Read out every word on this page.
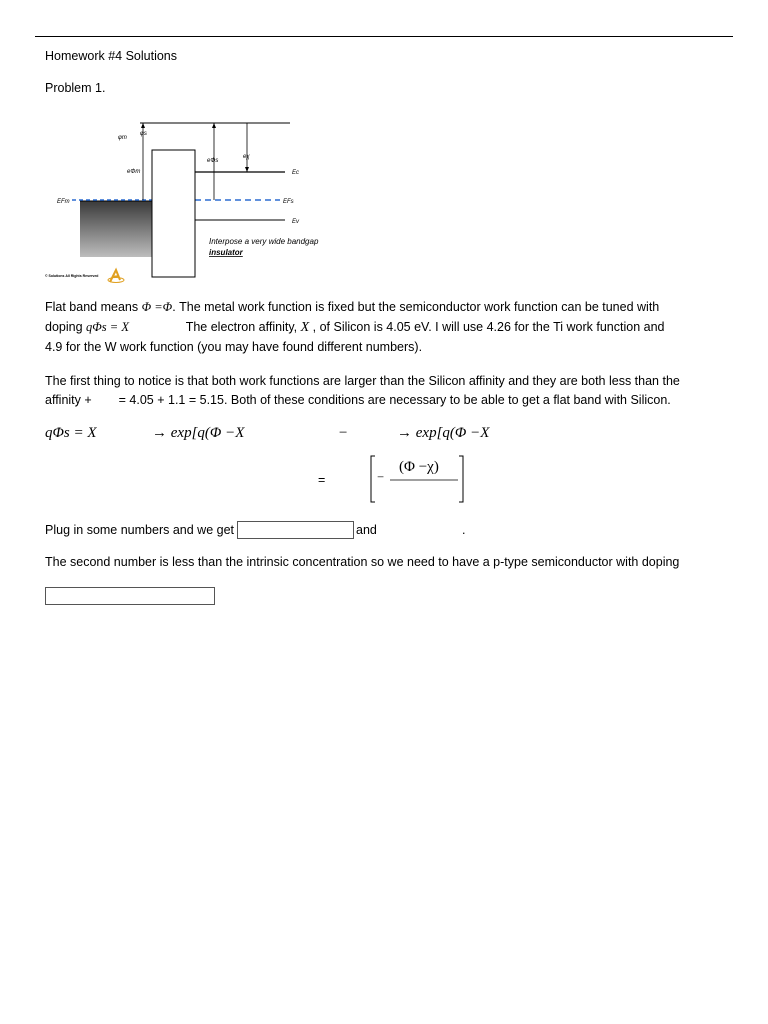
Homework #4 Solutions
Problem 1.
φm
φs
eΦm
eΦs
eχ
Ec
EFm	EFs
Ev
Interpose a very wide bandgap
insulator
© Solutions All Rights Reserved
Flat band means Φ =Φ. The metal work function is fixed but the semiconductor work function can be tuned with
doping qΦs = X	The electron affinity, X , of Silicon is 4.05 eV. I will use 4.26 for the Ti work function and
4.9 for the W work function (you may have found different numbers).
The first thing to notice is that both work functions are larger than the Silicon affinity and they are both less than the
affinity + = 4.05 + 1.1 = 5.15. Both of these conditions are necessary to be able to get a flat band with Silicon.
qΦs = X	→ exp[q(Φ −X	−	→ exp[q(Φ −X
=	−
(Φ −χ)
Plug in some numbers and we get	and	.
The second number is less than the intrinsic concentration so we need to have a p-type semiconductor with doping
